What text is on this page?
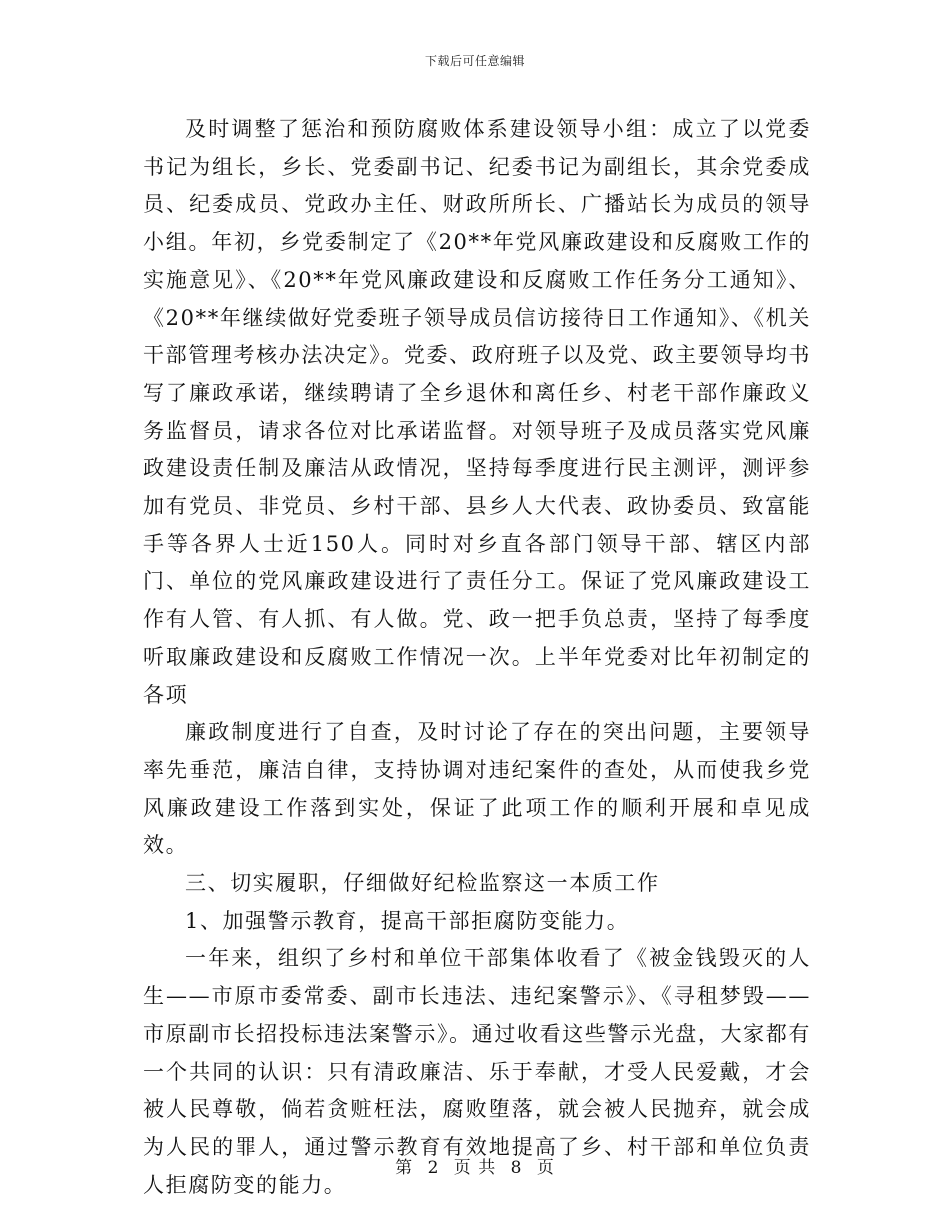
下载后可任意编辑

及时调整了惩治和预防腐败体系建设领导小组：成立了以党委书记为组长，乡长、党委副书记、纪委书记为副组长，其余党委成员、纪委成员、党政办主任、财政所所长、广播站长为成员的领导小组。年初，乡党委制定了《20**年党风廉政建设和反腐败工作的实施意见》、《20**年党风廉政建设和反腐败工作任务分工通知》、《20**年继续做好党委班子领导成员信访接待日工作通知》、《机关干部管理考核办法决定》。党委、政府班子以及党、政主要领导均书写了廉政承诺，继续聘请了全乡退休和离任乡、村老干部作廉政义务监督员，请求各位对比承诺监督。对领导班子及成员落实党风廉政建设责任制及廉洁从政情况，坚持每季度进行民主测评，测评参加有党员、非党员、乡村干部、县乡人大代表、政协委员、致富能手等各界人士近150人。同时对乡直各部门领导干部、辖区内部门、单位的党风廉政建设进行了责任分工。保证了党风廉政建设工作有人管、有人抓、有人做。党、政一把手负总责，坚持了每季度听取廉政建设和反腐败工作情况一次。上半年党委对比年初制定的各项

廉政制度进行了自查，及时讨论了存在的突出问题，主要领导率先垂范，廉洁自律，支持协调对违纪案件的查处，从而使我乡党风廉政建设工作落到实处，保证了此项工作的顺利开展和卓见成效。

三、切实履职，仔细做好纪检监察这一本质工作

1、加强警示教育，提高干部拒腐防变能力。

一年来，组织了乡村和单位干部集体收看了《被金钱毁灭的人生——市原市委常委、副市长违法、违纪案警示》、《寻租梦毁——市原副市长招投标违法案警示》。通过收看这些警示光盘，大家都有一个共同的认识：只有清政廉洁、乐于奉献，才受人民爱戴，才会被人民尊敬，倘若贪赃枉法，腐败堕落，就会被人民抛弃，就会成为人民的罪人，通过警示教育有效地提高了乡、村干部和单位负责人拒腐防变的能力。

第 2 页 共 8 页
